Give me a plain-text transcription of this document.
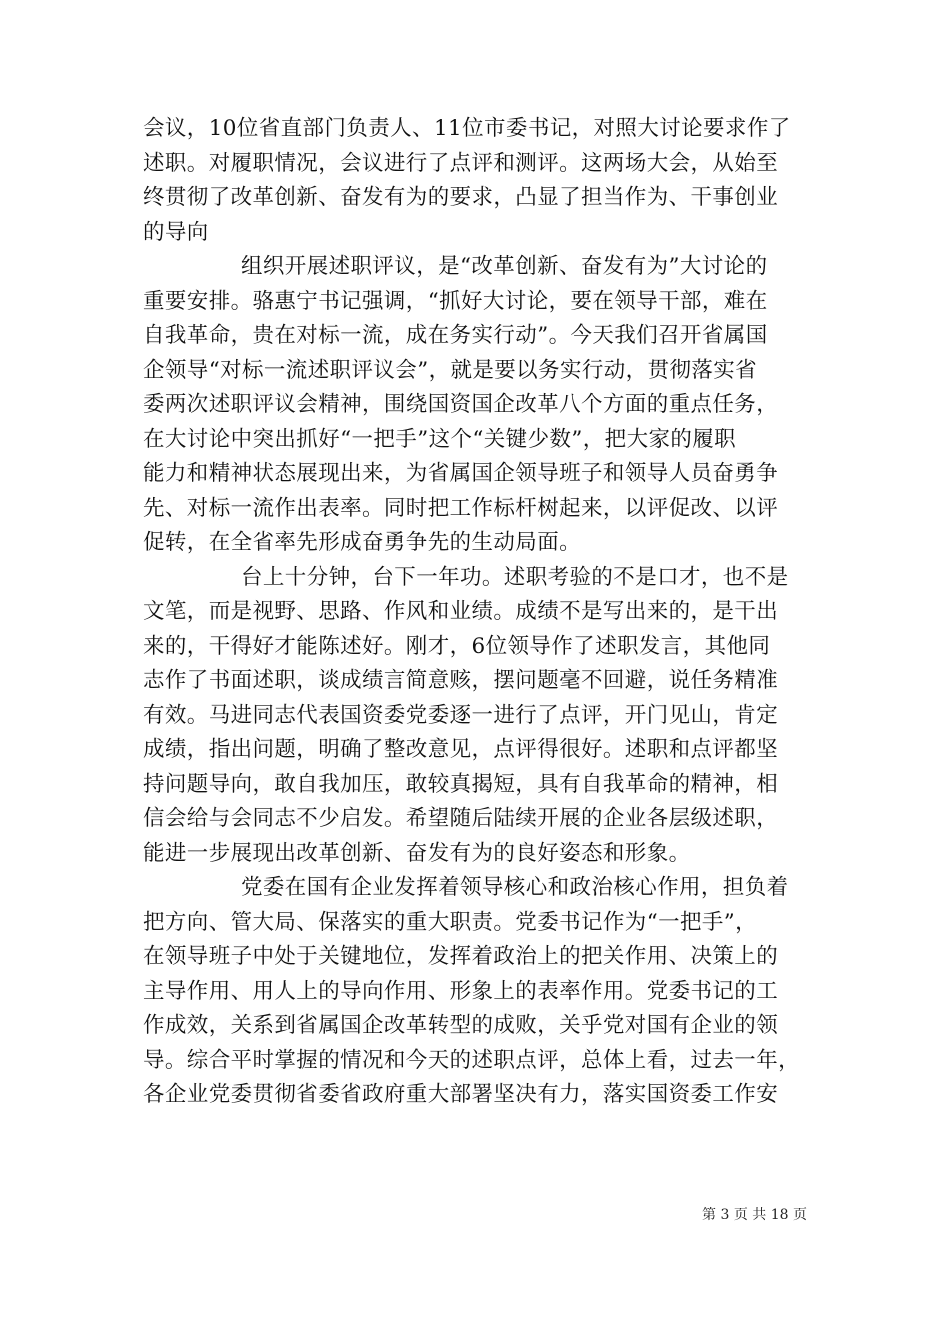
会议，10位省直部门负责人、11位市委书记，对照大讨论要求作了
述职。对履职情况，会议进行了点评和测评。这两场大会，从始至
终贯彻了改革创新、奋发有为的要求，凸显了担当作为、干事创业
的导向
组织开展述职评议，是“改革创新、奋发有为”大讨论的
重要安排。骆惠宁书记强调，“抓好大讨论，要在领导干部，难在
自我革命，贵在对标一流，成在务实行动”。今天我们召开省属国
企领导“对标一流述职评议会”，就是要以务实行动，贯彻落实省
委两次述职评议会精神，围绕国资国企改革八个方面的重点任务，
在大讨论中突出抓好“一把手”这个“关键少数”，把大家的履职
能力和精神状态展现出来，为省属国企领导班子和领导人员奋勇争
先、对标一流作出表率。同时把工作标杆树起来，以评促改、以评
促转，在全省率先形成奋勇争先的生动局面。
台上十分钟，台下一年功。述职考验的不是口才，也不是
文笔，而是视野、思路、作风和业绩。成绩不是写出来的，是干出
来的，干得好才能陈述好。刚才，6位领导作了述职发言，其他同
志作了书面述职，谈成绩言简意赅，摆问题毫不回避，说任务精准
有效。马进同志代表国资委党委逐一进行了点评，开门见山，肯定
成绩，指出问题，明确了整改意见，点评得很好。述职和点评都坚
持问题导向，敢自我加压，敢较真揭短，具有自我革命的精神，相
信会给与会同志不少启发。希望随后陆续开展的企业各层级述职，
能进一步展现出改革创新、奋发有为的良好姿态和形象。
党委在国有企业发挥着领导核心和政治核心作用，担负着
把方向、管大局、保落实的重大职责。党委书记作为“一把手”，
在领导班子中处于关键地位，发挥着政治上的把关作用、决策上的
主导作用、用人上的导向作用、形象上的表率作用。党委书记的工
作成效，关系到省属国企改革转型的成败，关乎党对国有企业的领
导。综合平时掌握的情况和今天的述职点评，总体上看，过去一年，
各企业党委贯彻省委省政府重大部署坚决有力，落实国资委工作安
第 3 页 共 18 页
